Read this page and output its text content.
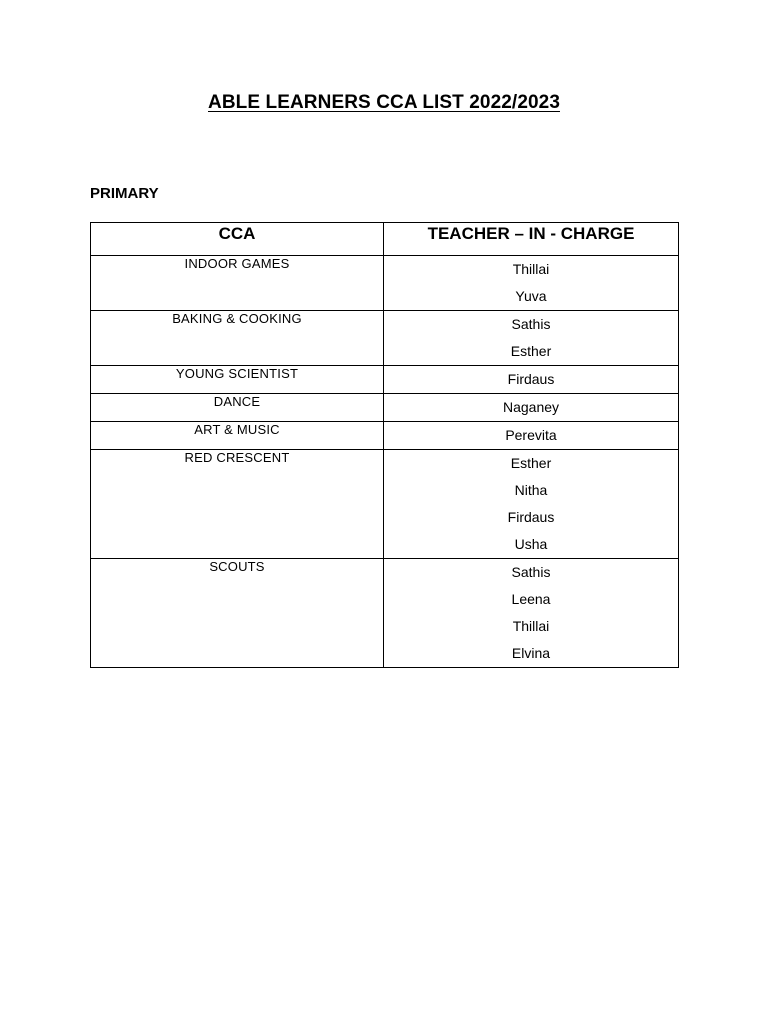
ABLE LEARNERS CCA LIST 2022/2023
PRIMARY
CCA	TEACHER – IN - CHARGE
INDOOR GAMES	Thillai
Yuva

BAKING & COOKING	Sathis
Esther

YOUNG SCIENTIST	Firdaus

DANCE	Naganey

ART & MUSIC	Perevita

RED CRESCENT	Esther
Nitha
Firdaus
Usha

SCOUTS	Sathis
Leena
Thillai
Elvina
